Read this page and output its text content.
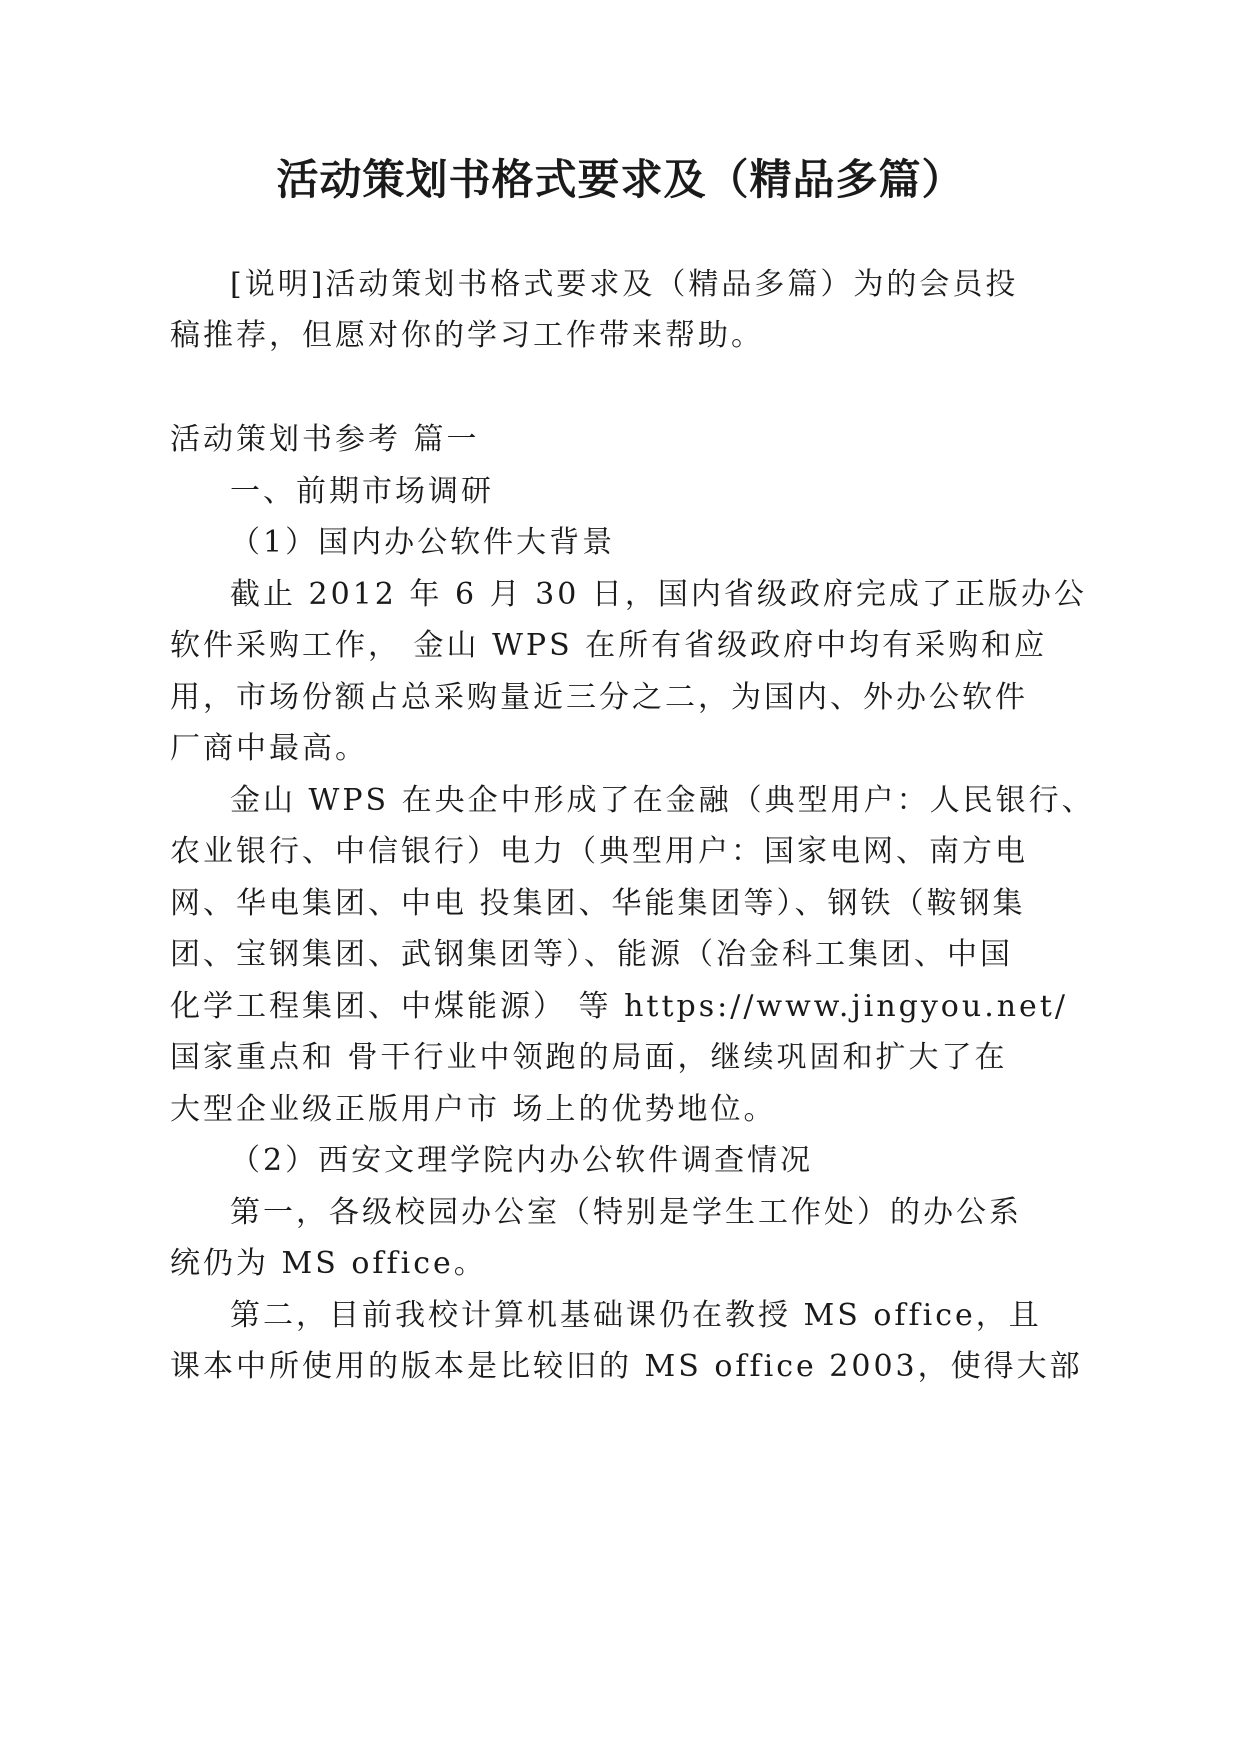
活动策划书格式要求及（精品多篇）
[说明]活动策划书格式要求及（精品多篇）为的会员投
稿推荐，但愿对你的学习工作带来帮助。
活动策划书参考 篇一
一、前期市场调研
（1）国内办公软件大背景
截止 2012 年 6 月 30 日，国内省级政府完成了正版办公
软件采购工作， 金山 WPS 在所有省级政府中均有采购和应
用，市场份额占总采购量近三分之二，为国内、外办公软件
厂商中最高。
金山 WPS 在央企中形成了在金融（典型用户：人民银行、
农业银行、中信银行）电力（典型用户：国家电网、南方电
网、华电集团、中电 投集团、华能集团等）、钢铁（鞍钢集
团、宝钢集团、武钢集团等）、能源（冶金科工集团、中国
化学工程集团、中煤能源） 等 https://www.jingyou.net/
国家重点和 骨干行业中领跑的局面，继续巩固和扩大了在
大型企业级正版用户市 场上的优势地位。
（2）西安文理学院内办公软件调查情况
第一，各级校园办公室（特别是学生工作处）的办公系
统仍为 MS office。
第二，目前我校计算机基础课仍在教授 MS office，且
课本中所使用的版本是比较旧的 MS office 2003，使得大部
